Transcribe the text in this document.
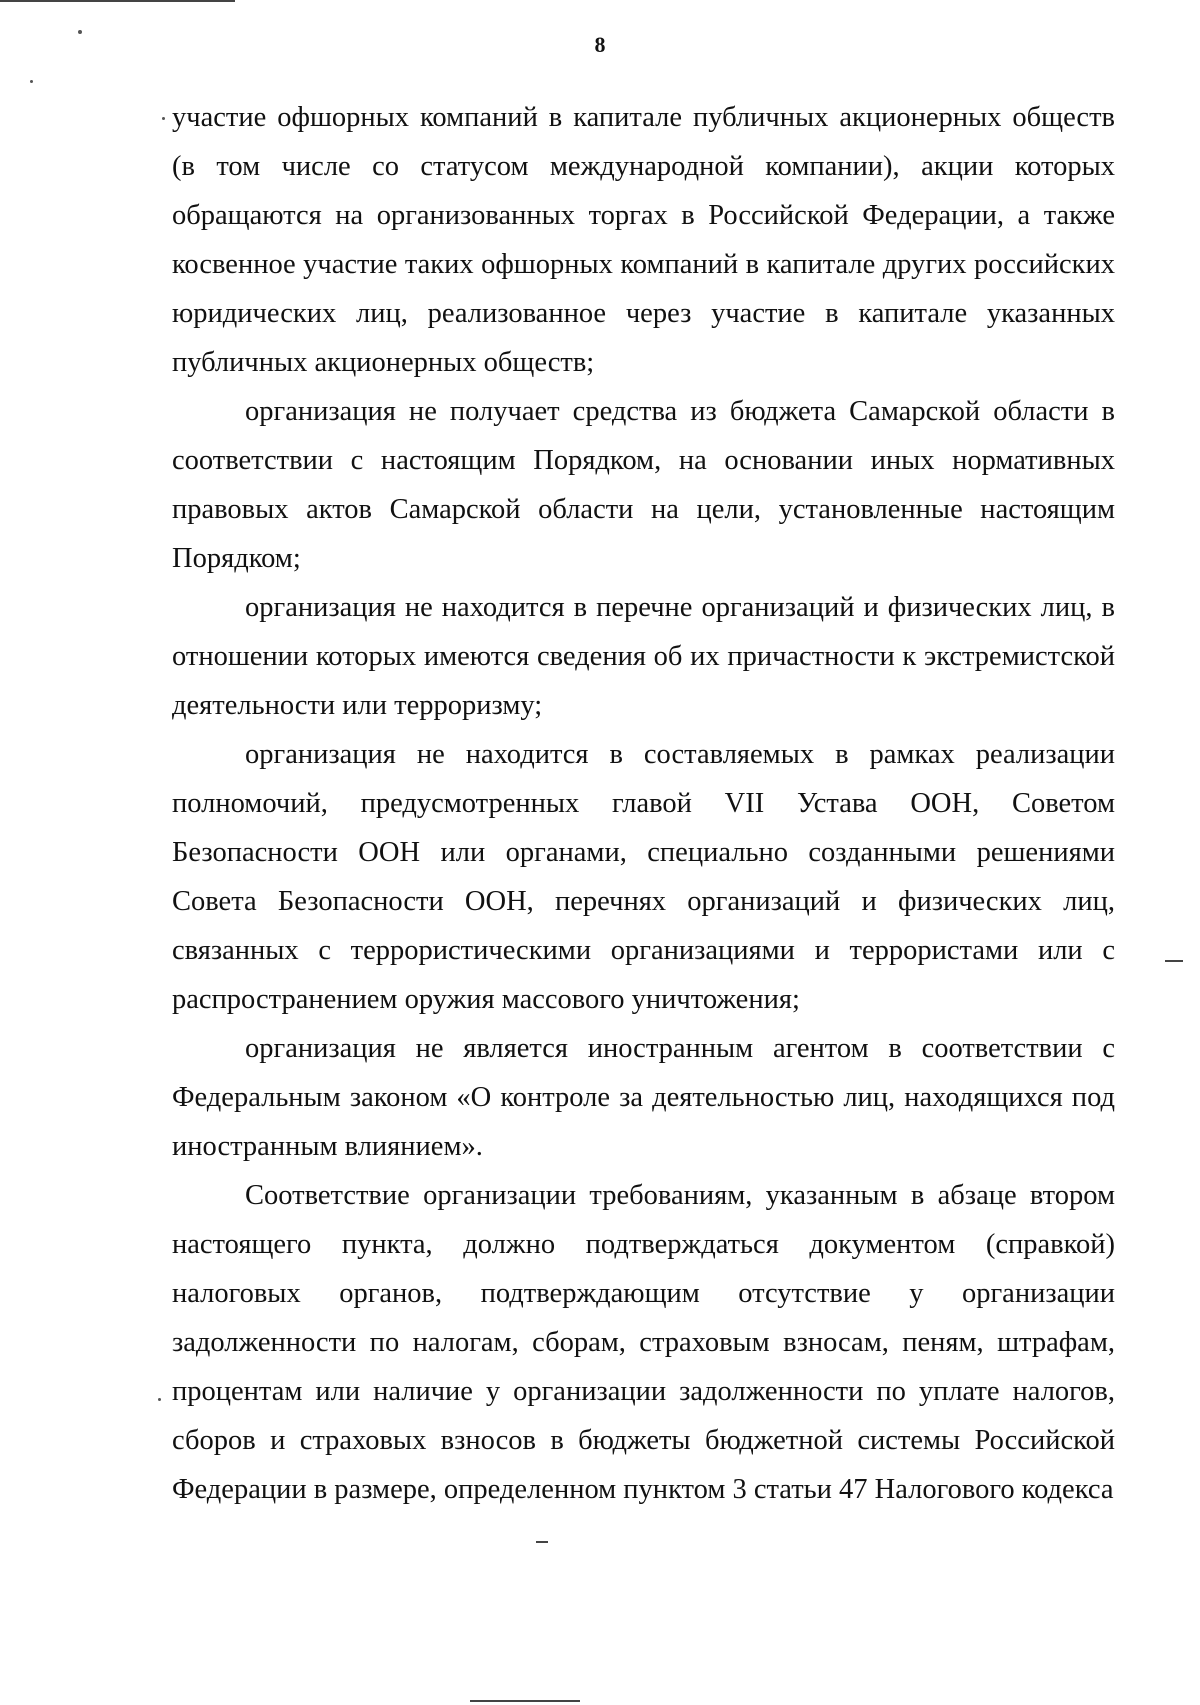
8

участие офшорных компаний в капитале публичных акционерных обществ (в том числе со статусом международной компании), акции которых обращаются на организованных торгах в Российской Федерации, а также косвенное участие таких офшорных компаний в капитале других российских юридических лиц, реализованное через участие в капитале указанных публичных акционерных обществ;

организация не получает средства из бюджета Самарской области в соответствии с настоящим Порядком, на основании иных нормативных правовых актов Самарской области на цели, установленные настоящим Порядком;

организация не находится в перечне организаций и физических лиц, в отношении которых имеются сведения об их причастности к экстремистской деятельности или терроризму;

организация не находится в составляемых в рамках реализации полномочий, предусмотренных главой VII Устава ООН, Советом Безопасности ООН или органами, специально созданными решениями Совета Безопасности ООН, перечнях организаций и физических лиц, связанных с террористическими организациями и террористами или с распространением оружия массового уничтожения;

организация не является иностранным агентом в соответствии с Федеральным законом «О контроле за деятельностью лиц, находящихся под иностранным влиянием».

Соответствие организации требованиям, указанным в абзаце втором настоящего пункта, должно подтверждаться документом (справкой) налоговых органов, подтверждающим отсутствие у организации задолженности по налогам, сборам, страховым взносам, пеням, штрафам, процентам или наличие у организации задолженности по уплате налогов, сборов и страховых взносов в бюджеты бюджетной системы Российской Федерации в размере, определенном пунктом 3 статьи 47 Налогового кодекса
